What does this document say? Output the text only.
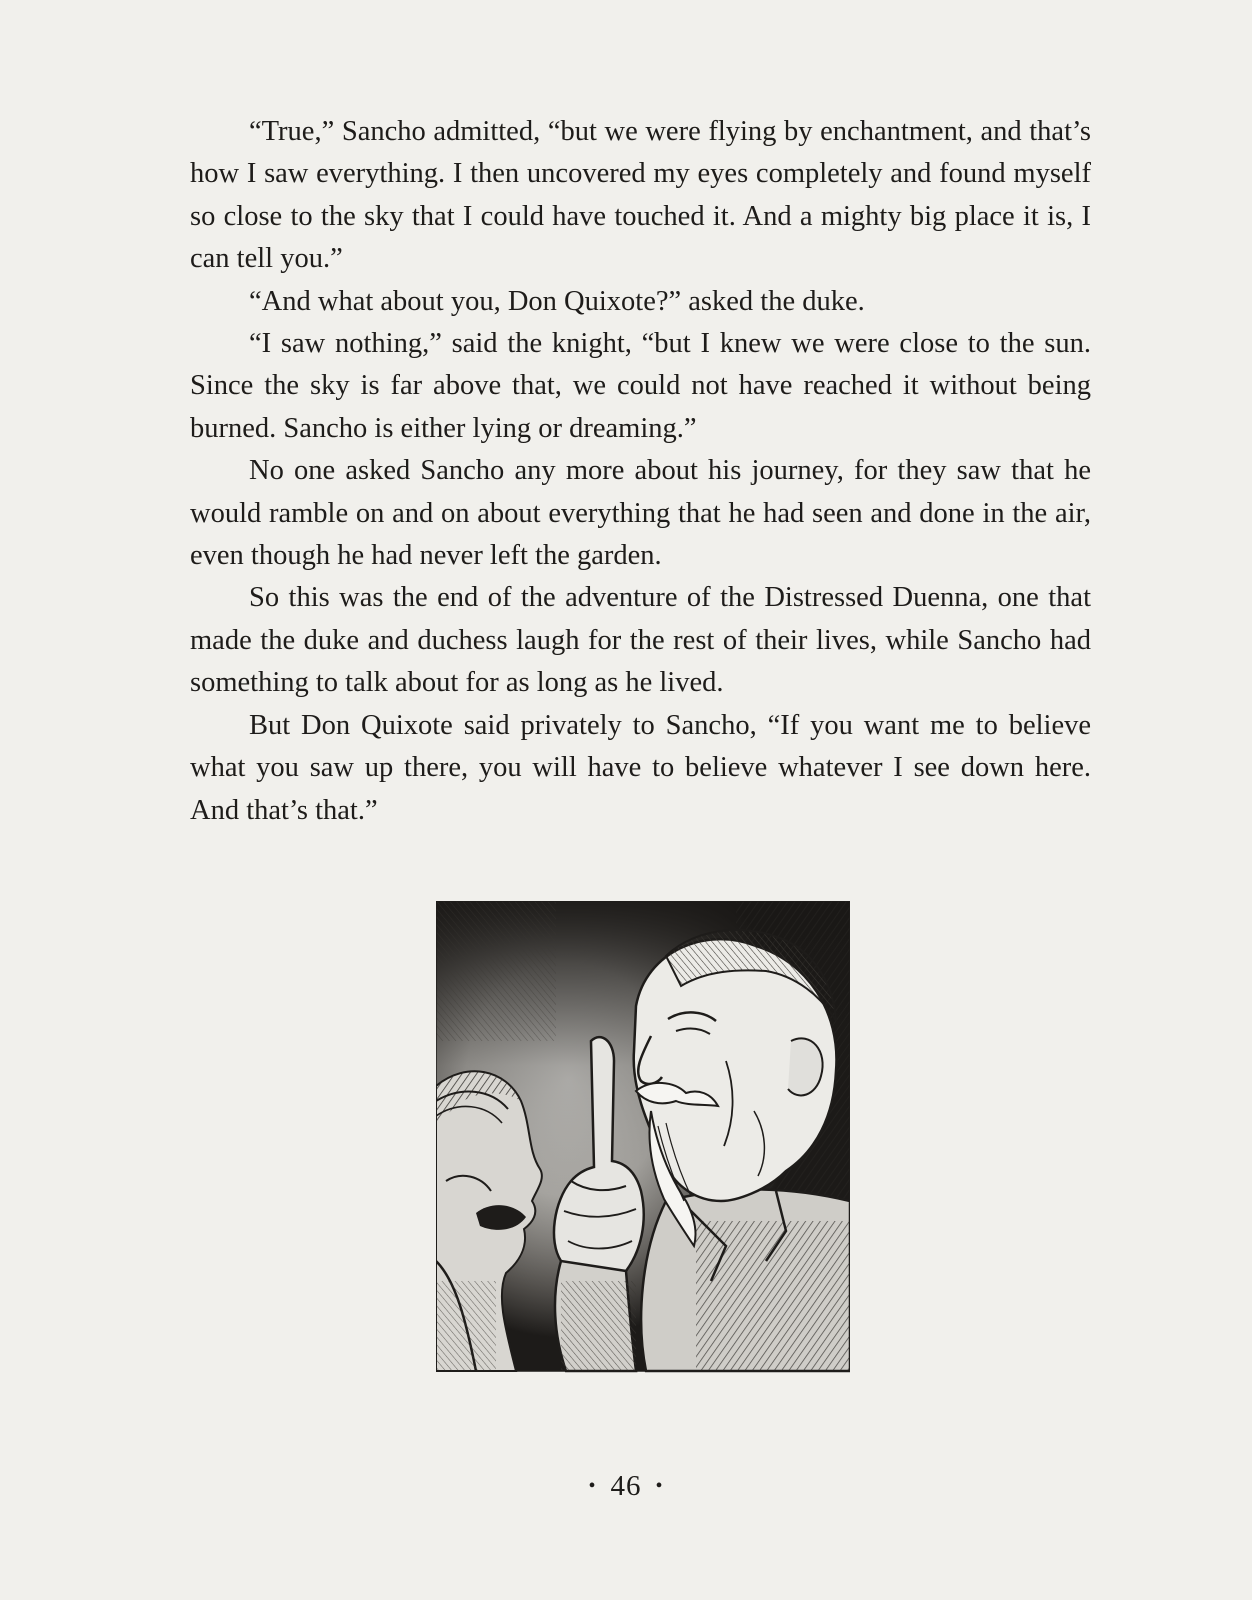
“True,” Sancho admitted, “but we were flying by enchantment, and that’s how I saw everything. I then uncovered my eyes completely and found myself so close to the sky that I could have touched it. And a mighty big place it is, I can tell you.”

“And what about you, Don Quixote?” asked the duke.

“I saw nothing,” said the knight, “but I knew we were close to the sun. Since the sky is far above that, we could not have reached it without being burned. Sancho is either lying or dreaming.”

No one asked Sancho any more about his journey, for they saw that he would ramble on and on about everything that he had seen and done in the air, even though he had never left the garden.

So this was the end of the adventure of the Distressed Duenna, one that made the duke and duchess laugh for the rest of their lives, while Sancho had something to talk about for as long as he lived.

But Don Quixote said privately to Sancho, “If you want me to believe what you saw up there, you will have to believe whatever I see down here. And that’s that.”

• 46 •
